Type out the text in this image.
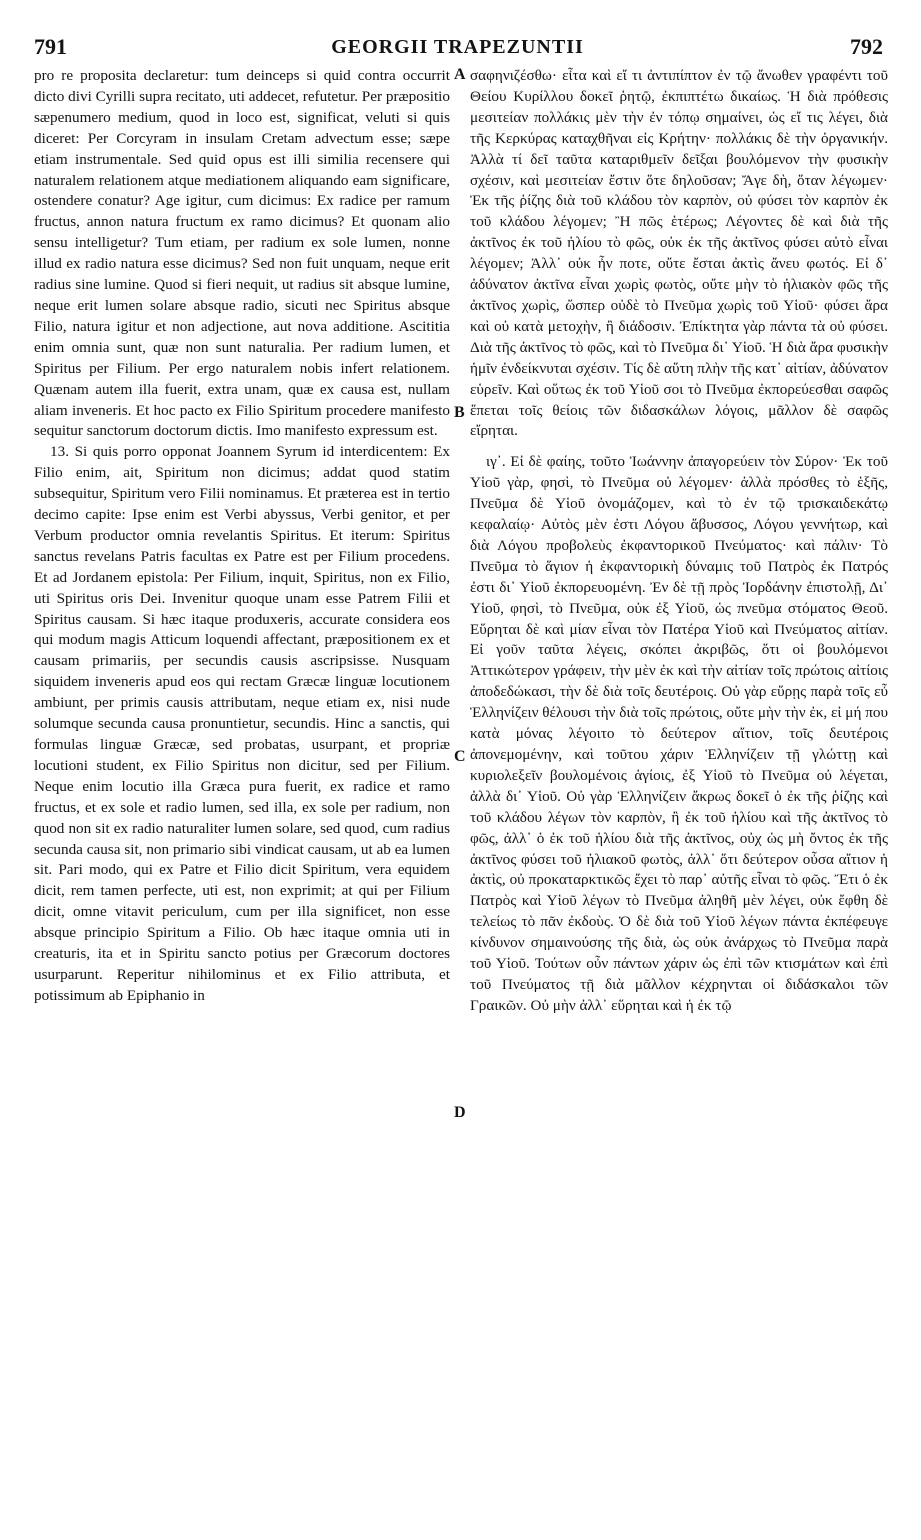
791	GEORGII TRAPEZUNTII	792

pro re proposita declaretur: tum deinceps si quid contra occurrit dicto divi Cyrilli supra recitato, uti addecet, refutetur. Per præpositio sæpenumero medium, quod in loco est, significat, veluti si quis diceret: Per Corcyram in insulam Cretam advectum esse; sæpe etiam instrumentale. Sed quid opus est illi similia recensere qui naturalem relationem atque mediationem aliquando eam significare, ostendere conatur? Age igitur, cum dicimus: Ex radice per ramum fructus, annon natura fructum ex ramo dicimus? Et quonam alio sensu intelligetur? Tum etiam, per radium ex sole lumen, nonne illud ex radio natura esse dicimus? Sed non fuit unquam, neque erit radius sine lumine. Quod si fieri nequit, ut radius sit absque lumine, neque erit lumen solare absque radio, sicuti nec Spiritus absque Filio, natura igitur et non adjectione, aut nova additione. Ascititia enim omnia sunt, quæ non sunt naturalia. Per radium lumen, et Spiritus per Filium. Per ergo naturalem nobis infert relationem. Quænam autem illa fuerit, extra unam, quæ ex causa est, nullam aliam inveneris. Et hoc pacto ex Filio Spiritum procedere manifesto sequitur sanctorum doctorum dictis. Imo manifesto expressum est.

13. Si quis porro opponat Joannem Syrum id interdicentem: Ex Filio enim, ait, Spiritum non dicimus; addat quod statim subsequitur, Spiritum vero Filii nominamus. Et præterea est in tertio decimo capite: Ipse enim est Verbi abyssus, Verbi genitor, et per Verbum productor omnia revelantis Spiritus. Et iterum: Spiritus sanctus revelans Patris facultas ex Patre est per Filium procedens. Et ad Jordanem epistola: Per Filium, inquit, Spiritus, non ex Filio, uti Spiritus oris Dei. Invenitur quoque unam esse Patrem Filii et Spiritus causam. Si hæc itaque produxeris, accurate considera eos qui modum magis Atticum loquendi affectant, præpositionem ex et causam primariis, per secundis causis ascripsisse. Nusquam siquidem inveneris apud eos qui rectam Græcæ linguæ locutionem ambiunt, per primis causis attributam, neque etiam ex, nisi nude solumque secunda causa pronuntietur, secundis. Hinc a sanctis, qui formulas linguæ Græcæ, sed probatas, usurpant, et propriæ locutioni student, ex Filio Spiritus non dicitur, sed per Filium. Neque enim locutio illa Græca pura fuerit, ex radice et ramo fructus, et ex sole et radio lumen, sed illa, ex sole per radium, non quod non sit ex radio naturaliter lumen solare, sed quod, cum radius secunda causa sit, non primario sibi vindicat causam, ut ab ea lumen sit. Pari modo, qui ex Patre et Filio dicit Spiritum, vera equidem dicit, rem tamen perfecte, uti est, non exprimit; at qui per Filium dicit, omne vitavit periculum, cum per illa significet, non esse absque principio Spiritum a Filio. Ob hæc itaque omnia uti in creaturis, ita et in Spiritu sancto potius per Græcorum doctores usurparunt. Reperitur nihilominus et ex Filio attributa, et potissimum ab Epiphanio in

σαφηνιζέσθω· εἶτα καὶ εἴ τι ἀντιπίπτον ἐν τῷ ἄνωθεν γραφέντι τοῦ Θείου Κυρίλλου δοκεῖ ῥητῷ, ἐκπιπτέτω δικαίως. Ἡ διὰ πρόθεσις μεσιτείαν πολλάκις μὲν τὴν ἐν τόπῳ σημαίνει, ὡς εἴ τις λέγει, διὰ τῆς Κερκύρας καταχθῆναι εἰς Κρήτην· πολλάκις δὲ τὴν ὀργανικήν. Ἀλλὰ τί δεῖ ταῦτα καταριθμεῖν δεῖξαι βουλόμενον τὴν φυσικὴν σχέσιν, καὶ μεσιτείαν ἔστιν ὅτε δηλοῦσαν; Ἄγε δὴ, ὅταν λέγωμεν· Ἐκ τῆς ῥίζης διὰ τοῦ κλάδου τὸν καρπὸν, οὐ φύσει τὸν καρπὸν ἐκ τοῦ κλάδου λέγομεν; Ἢ πῶς ἑτέρως; Λέγοντες δὲ καὶ διὰ τῆς ἀκτῖνος ἐκ τοῦ ἡλίου τὸ φῶς, οὐκ ἐκ τῆς ἀκτῖνος φύσει αὐτὸ εἶναι λέγομεν; Ἀλλ᾽ οὐκ ἦν ποτε, οὔτε ἔσται ἀκτὶς ἄνευ φωτός. Εἰ δ᾽ ἀδύνατον ἀκτῖνα εἶναι χωρὶς φωτὸς, οὔτε μὴν τὸ ἡλιακὸν φῶς τῆς ἀκτῖνος χωρὶς, ὥσπερ οὐδὲ τὸ Πνεῦμα χωρὶς τοῦ Υἱοῦ· φύσει ἄρα καὶ οὐ κατὰ μετοχὴν, ἢ διάδοσιν. Ἐπίκτητα γὰρ πάντα τὰ οὐ φύσει. Διὰ τῆς ἀκτῖνος τὸ φῶς, καὶ τὸ Πνεῦμα δι᾽ Υἱοῦ. Ἡ διὰ ἄρα φυσικὴν ἡμῖν ἐνδείκνυται σχέσιν. Τίς δὲ αὕτη πλὴν τῆς κατ᾽ αἰτίαν, ἀδύνατον εὑρεῖν. Καὶ οὕτως ἐκ τοῦ Υἱοῦ σοι τὸ Πνεῦμα ἐκπορεύεσθαι σαφῶς ἕπεται τοῖς θείοις τῶν διδασκάλων λόγοις, μᾶλλον δὲ σαφῶς εἴρηται.

ιγ᾽. Εἰ δὲ φαίης, τοῦτο Ἰωάννην ἀπαγορεύειν τὸν Σύρον· Ἐκ τοῦ Υἱοῦ γὰρ, φησὶ, τὸ Πνεῦμα οὐ λέγομεν· ἀλλὰ πρόσθες τὸ ἑξῆς, Πνεῦμα δὲ Υἱοῦ ὀνομάζομεν, καὶ τὸ ἐν τῷ τρισκαιδεκάτῳ κεφαλαίῳ· Αὐτὸς μὲν ἐστι Λόγου ἄβυσσος, Λόγου γεννήτωρ, καὶ διὰ Λόγου προβολεὺς ἐκφαντορικοῦ Πνεύματος· καὶ πάλιν· Τὸ Πνεῦμα τὸ ἅγιον ἡ ἐκφαντορικὴ δύναμις τοῦ Πατρὸς ἐκ Πατρός ἐστι δι᾽ Υἱοῦ ἐκπορευομένη. Ἐν δὲ τῇ πρὸς Ἰορδάνην ἐπιστολῇ, Δι᾽ Υἱοῦ, φησὶ, τὸ Πνεῦμα, οὐκ ἐξ Υἱοῦ, ὡς πνεῦμα στόματος Θεοῦ. Εὕρηται δὲ καὶ μίαν εἶναι τὸν Πατέρα Υἱοῦ καὶ Πνεύματος αἰτίαν. Εἰ γοῦν ταῦτα λέγεις, σκόπει ἀκριβῶς, ὅτι οἱ βουλόμενοι Ἀττικώτερον γράφειν, τὴν μὲν ἐκ καὶ τὴν αἰτίαν τοῖς πρώτοις αἰτίοις ἀποδεδώκασι, τὴν δὲ διὰ τοῖς δευτέροις. Οὐ γὰρ εὕρῃς παρὰ τοῖς εὖ Ἑλληνίζειν θέλουσι τὴν διὰ τοῖς πρώτοις, οὔτε μὴν τὴν ἐκ, εἰ μή που κατὰ μόνας λέγοιτο τὸ δεύτερον αἴτιον, τοῖς δευτέροις ἀπονεμομένην, καὶ τοῦτου χάριν Ἑλληνίζειν τῇ γλώττῃ καὶ κυριολεξεῖν βουλομένοις ἁγίοις, ἐξ Υἱοῦ τὸ Πνεῦμα οὐ λέγεται, ἀλλὰ δι᾽ Υἱοῦ. Οὐ γὰρ Ἑλληνίζειν ἄκρως δοκεῖ ὁ ἐκ τῆς ῥίζης καὶ τοῦ κλάδου λέγων τὸν καρπὸν, ἢ ἐκ τοῦ ἡλίου καὶ τῆς ἀκτῖνος τὸ φῶς, ἀλλ᾽ ὁ ἐκ τοῦ ἡλίου διὰ τῆς ἀκτῖνος, οὐχ ὡς μὴ ὄντος ἐκ τῆς ἀκτῖνος φύσει τοῦ ἡλιακοῦ φωτὸς, ἀλλ᾽ ὅτι δεύτερον οὖσα αἴτιον ἡ ἀκτὶς, οὐ προκαταρκτικῶς ἔχει τὸ παρ᾽ αὐτῆς εἶναι τὸ φῶς. Ἔτι ὁ ἐκ Πατρὸς καὶ Υἱοῦ λέγων τὸ Πνεῦμα ἀληθῆ μὲν λέγει, οὐκ ἔφθη δὲ τελείως τὸ πᾶν ἐκδοὺς. Ὁ δὲ διὰ τοῦ Υἱοῦ λέγων πάντα ἐκπέφευγε κίνδυνον σημαινούσης τῆς διὰ, ὡς οὐκ ἀνάρχως τὸ Πνεῦμα παρὰ τοῦ Υἱοῦ. Τούτων οὖν πάντων χάριν ὡς ἐπὶ τῶν κτισμάτων καὶ ἐπὶ τοῦ Πνεύματος τῇ διὰ μᾶλλον κέχρηνται οἱ διδάσκαλοι τῶν Γραικῶν. Οὐ μὴν ἀλλ᾽ εὕρηται καὶ ἡ ἐκ τῷ

A
B
C
D
